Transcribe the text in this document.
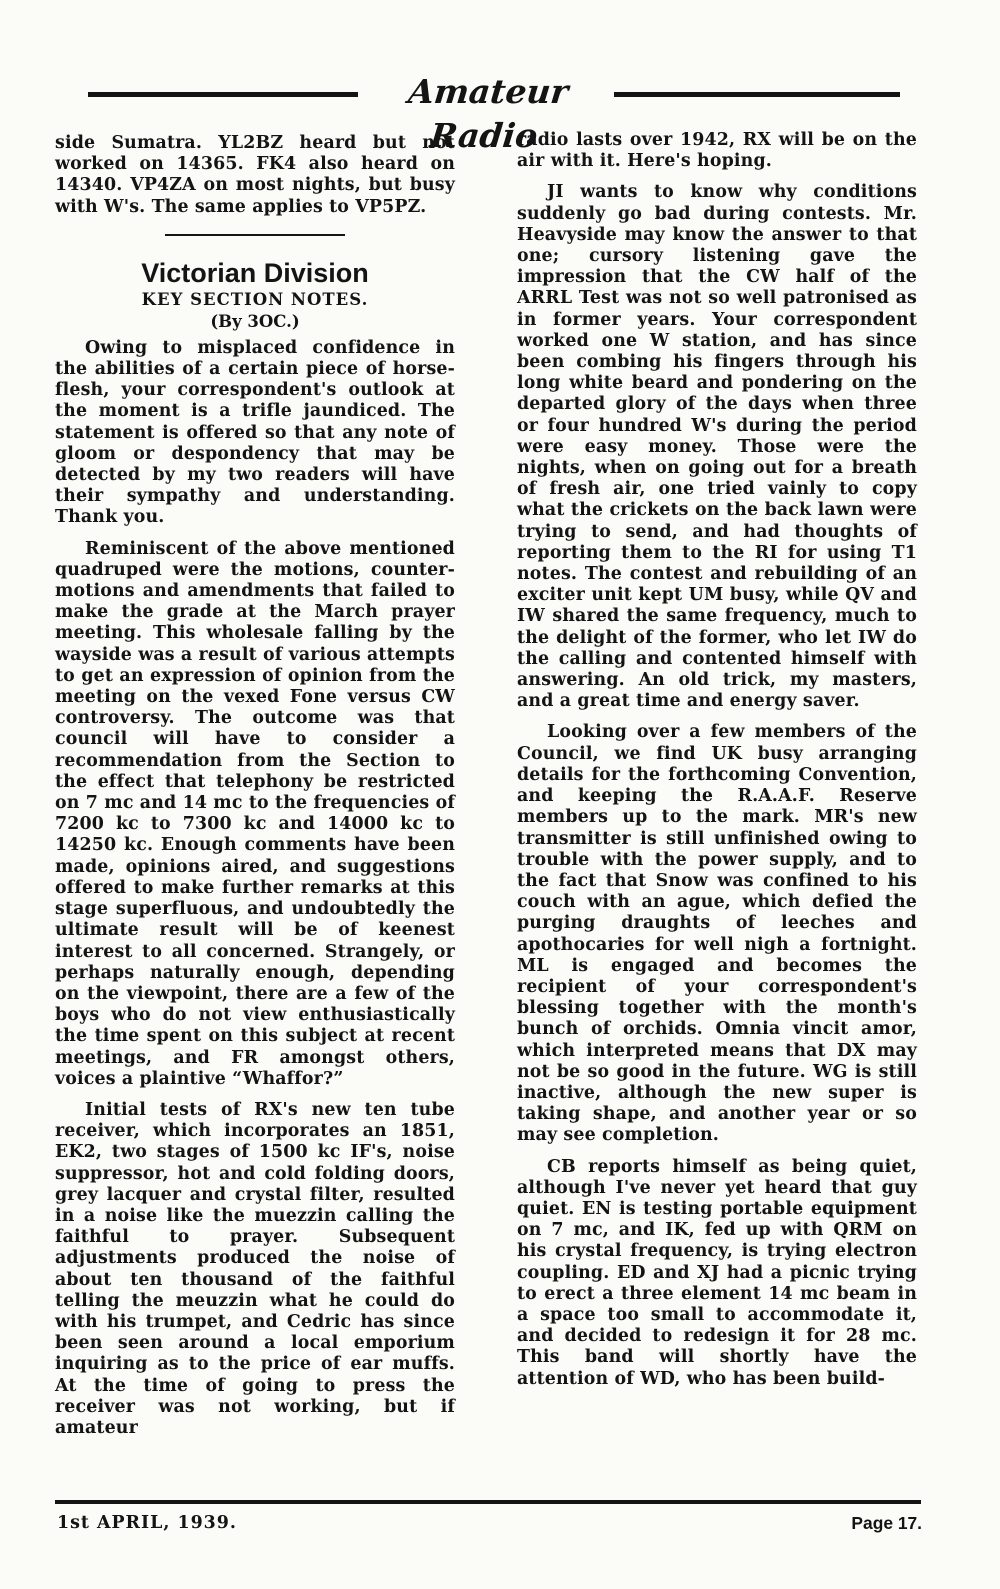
Amateur Radio

side Sumatra. YL2BZ heard but not worked on 14365. FK4 also heard on 14340. VP4ZA on most nights, but busy with W's. The same applies to VP5PZ.

Victorian Division
KEY SECTION NOTES.
(By 3OC.)

Owing to misplaced confidence in the abilities of a certain piece of horse-flesh, your correspondent's outlook at the moment is a trifle jaundiced. The statement is offered so that any note of gloom or despondency that may be detected by my two readers will have their sympathy and understanding. Thank you.

Reminiscent of the above mentioned quadruped were the motions, counter-motions and amendments that failed to make the grade at the March prayer meeting. This wholesale falling by the wayside was a result of various attempts to get an expression of opinion from the meeting on the vexed Fone versus CW controversy. The outcome was that council will have to consider a recommendation from the Section to the effect that telephony be restricted on 7 mc and 14 mc to the frequencies of 7200 kc to 7300 kc and 14000 kc to 14250 kc. Enough comments have been made, opinions aired, and suggestions offered to make further remarks at this stage superfluous, and undoubtedly the ultimate result will be of keenest interest to all concerned. Strangely, or perhaps naturally enough, depending on the viewpoint, there are a few of the boys who do not view enthusiastically the time spent on this subject at recent meetings, and FR amongst others, voices a plaintive “Whaffor?”

Initial tests of RX's new ten tube receiver, which incorporates an 1851, EK2, two stages of 1500 kc IF's, noise suppressor, hot and cold folding doors, grey lacquer and crystal filter, resulted in a noise like the muezzin calling the faithful to prayer. Subsequent adjustments produced the noise of about ten thousand of the faithful telling the meuzzin what he could do with his trumpet, and Cedric has since been seen around a local emporium inquiring as to the price of ear muffs. At the time of going to press the receiver was not working, but if amateur

radio lasts over 1942, RX will be on the air with it. Here's hoping.

JI wants to know why conditions suddenly go bad during contests. Mr. Heavyside may know the answer to that one; cursory listening gave the impression that the CW half of the ARRL Test was not so well patronised as in former years. Your correspondent worked one W station, and has since been combing his fingers through his long white beard and pondering on the departed glory of the days when three or four hundred W's during the period were easy money. Those were the nights, when on going out for a breath of fresh air, one tried vainly to copy what the crickets on the back lawn were trying to send, and had thoughts of reporting them to the RI for using T1 notes. The contest and rebuilding of an exciter unit kept UM busy, while QV and IW shared the same frequency, much to the delight of the former, who let IW do the calling and contented himself with answering. An old trick, my masters, and a great time and energy saver.

Looking over a few members of the Council, we find UK busy arranging details for the forthcoming Convention, and keeping the R.A.A.F. Reserve members up to the mark. MR's new transmitter is still unfinished owing to trouble with the power supply, and to the fact that Snow was confined to his couch with an ague, which defied the purging draughts of leeches and apothocaries for well nigh a fortnight. ML is engaged and becomes the recipient of your correspondent's blessing together with the month's bunch of orchids. Omnia vincit amor, which interpreted means that DX may not be so good in the future. WG is still inactive, although the new super is taking shape, and another year or so may see completion.

CB reports himself as being quiet, although I've never yet heard that guy quiet. EN is testing portable equipment on 7 mc, and IK, fed up with QRM on his crystal frequency, is trying electron coupling. ED and XJ had a picnic trying to erect a three element 14 mc beam in a space too small to accommodate it, and decided to redesign it for 28 mc. This band will shortly have the attention of WD, who has been build-

1st APRIL, 1939.	Page 17.
